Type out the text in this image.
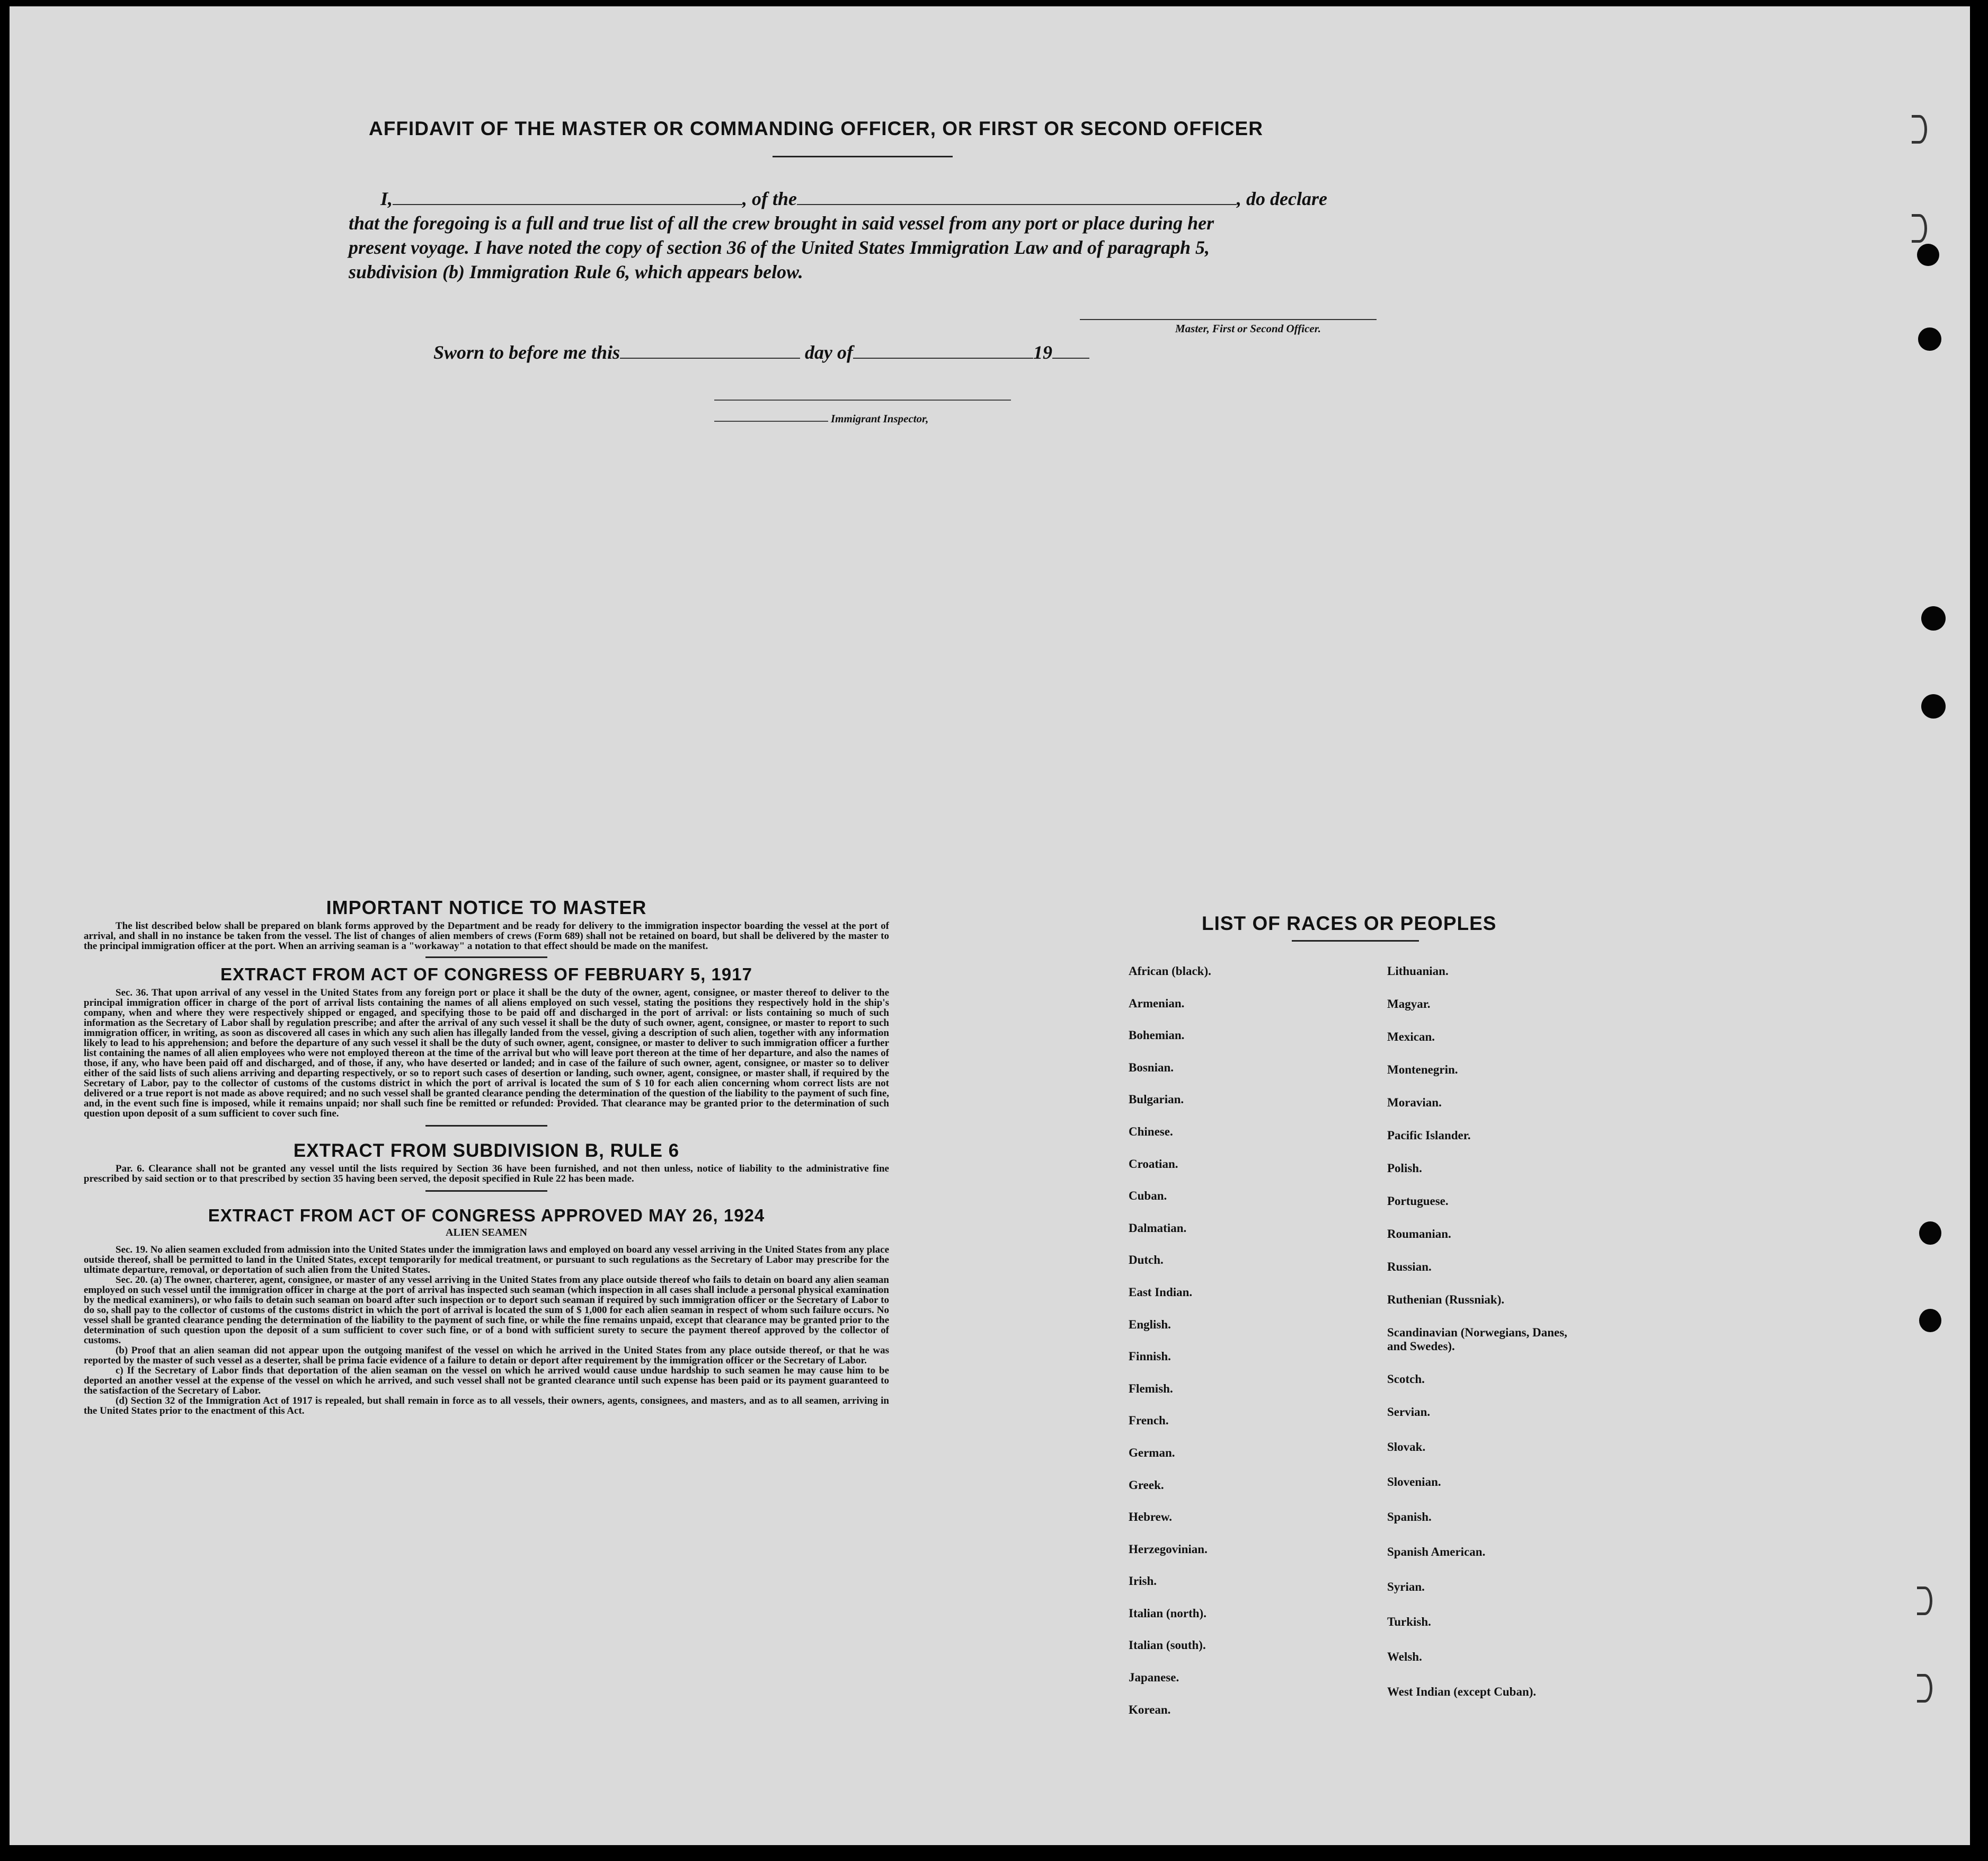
AFFIDAVIT OF THE MASTER OR COMMANDING OFFICER, OR FIRST OR SECOND OFFICER
I,	, of the	, do declare
that the foregoing is a full and true list of all the crew brought in said vessel from any port or place during her
present voyage. I have noted the copy of section 36 of the United States Immigration Law and of paragraph 5,
subdivision (b) Immigration Rule 6, which appears below.
Master, First or Second Officer.
Sworn to before me this	day of	19
Immigrant Inspector,
IMPORTANT NOTICE TO MASTER
The list described below shall be prepared on blank forms approved by the Department and be ready for delivery to the immigration inspector boarding the vessel at the port of arrival, and shall in no instance be taken from the vessel. The list of changes of alien members of crews (Form 689) shall not be retained on board, but shall be delivered by the master to the principal immigration officer at the port. When an arriving seaman is a "workaway" a notation to that effect should be made on the manifest.
EXTRACT FROM ACT OF CONGRESS OF FEBRUARY 5, 1917
Sec. 36. That upon arrival of any vessel in the United States from any foreign port or place it shall be the duty of the owner, agent, consignee, or master thereof to deliver to the principal immigration officer in charge of the port of arrival lists containing the names of all aliens employed on such vessel, stating the positions they respectively hold in the ship's company, when and where they were respectively shipped or engaged, and specifying those to be paid off and discharged in the port of arrival: or lists containing so much of such information as the Secretary of Labor shall by regulation prescribe; and after the arrival of any such vessel it shall be the duty of such owner, agent, consignee, or master to report to such immigration officer, in writing, as soon as discovered all cases in which any such alien has illegally landed from the vessel, giving a description of such alien, together with any information likely to lead to his apprehension; and before the departure of any such vessel it shall be the duty of such owner, agent, consignee, or master to deliver to such immigration officer a further list containing the names of all alien employees who were not employed thereon at the time of the arrival but who will leave port thereon at the time of her departure, and also the names of those, if any, who have been paid off and discharged, and of those, if any, who have deserted or landed; and in case of the failure of such owner, agent, consignee, or master so to deliver either of the said lists of such aliens arriving and departing respectively, or so to report such cases of desertion or landing, such owner, agent, consignee, or master shall, if required by the Secretary of Labor, pay to the collector of customs of the customs district in which the port of arrival is located the sum of $ 10 for each alien concerning whom correct lists are not delivered or a true report is not made as above required; and no such vessel shall be granted clearance pending the determination of the question of the liability to the payment of such fine, and, in the event such fine is imposed, while it remains unpaid; nor shall such fine be remitted or refunded: Provided. That clearance may be granted prior to the determination of such question upon deposit of a sum sufficient to cover such fine.
EXTRACT FROM SUBDIVISION B, RULE 6
Par. 6. Clearance shall not be granted any vessel until the lists required by Section 36 have been furnished, and not then unless, notice of liability to the administrative fine prescribed by said section or to that prescribed by section 35 having been served, the deposit specified in Rule 22 has been made.
EXTRACT FROM ACT OF CONGRESS APPROVED MAY 26, 1924
ALIEN SEAMEN
Sec. 19. No alien seamen excluded from admission into the United States under the immigration laws and employed on board any vessel arriving in the United States from any place outside thereof, shall be permitted to land in the United States, except temporarily for medical treatment, or pursuant to such regulations as the Secretary of Labor may prescribe for the ultimate departure, removal, or deportation of such alien from the United States.
Sec. 20. (a) The owner, charterer, agent, consignee, or master of any vessel arriving in the United States from any place outside thereof who fails to detain on board any alien seaman employed on such vessel until the immigration officer in charge at the port of arrival has inspected such seaman (which inspection in all cases shall include a personal physical examination by the medical examiners), or who fails to detain such seaman on board after such inspection or to deport such seaman if required by such immigration officer or the Secretary of Labor to do so, shall pay to the collector of customs of the customs district in which the port of arrival is located the sum of $ 1,000 for each alien seaman in respect of whom such failure occurs. No vessel shall be granted clearance pending the determination of the liability to the payment of such fine, or while the fine remains unpaid, except that clearance may be granted prior to the determination of such question upon the deposit of a sum sufficient to cover such fine, or of a bond with sufficient surety to secure the payment thereof approved by the collector of customs.
(b) Proof that an alien seaman did not appear upon the outgoing manifest of the vessel on which he arrived in the United States from any place outside thereof, or that he was reported by the master of such vessel as a deserter, shall be prima facie evidence of a failure to detain or deport after requirement by the immigration officer or the Secretary of Labor.
c) If the Secretary of Labor finds that deportation of the alien seaman on the vessel on which he arrived would cause undue hardship to such seamen he may cause him to be deported an another vessel at the expense of the vessel on which he arrived, and such vessel shall not be granted clearance until such expense has been paid or its payment guaranteed to the satisfaction of the Secretary of Labor.
(d) Section 32 of the Immigration Act of 1917 is repealed, but shall remain in force as to all vessels, their owners, agents, consignees, and masters, and as to all seamen, arriving in the United States prior to the enactment of this Act.
LIST OF RACES OR PEOPLES
African (black).
Armenian.
Bohemian.
Bosnian.
Bulgarian.
Chinese.
Croatian.
Cuban.
Dalmatian.
Dutch.
East Indian.
English.
Finnish.
Flemish.
French.
German.
Greek.
Hebrew.
Herzegovinian.
Irish.
Italian (north).
Italian (south).
Japanese.
Korean.
Lithuanian.
Magyar.
Mexican.
Montenegrin.
Moravian.
Pacific Islander.
Polish.
Portuguese.
Roumanian.
Russian.
Ruthenian (Russniak).
Scandinavian (Norwegians, Danes, and Swedes).
Scotch.
Servian.
Slovak.
Slovenian.
Spanish.
Spanish American.
Syrian.
Turkish.
Welsh.
West Indian (except Cuban).
